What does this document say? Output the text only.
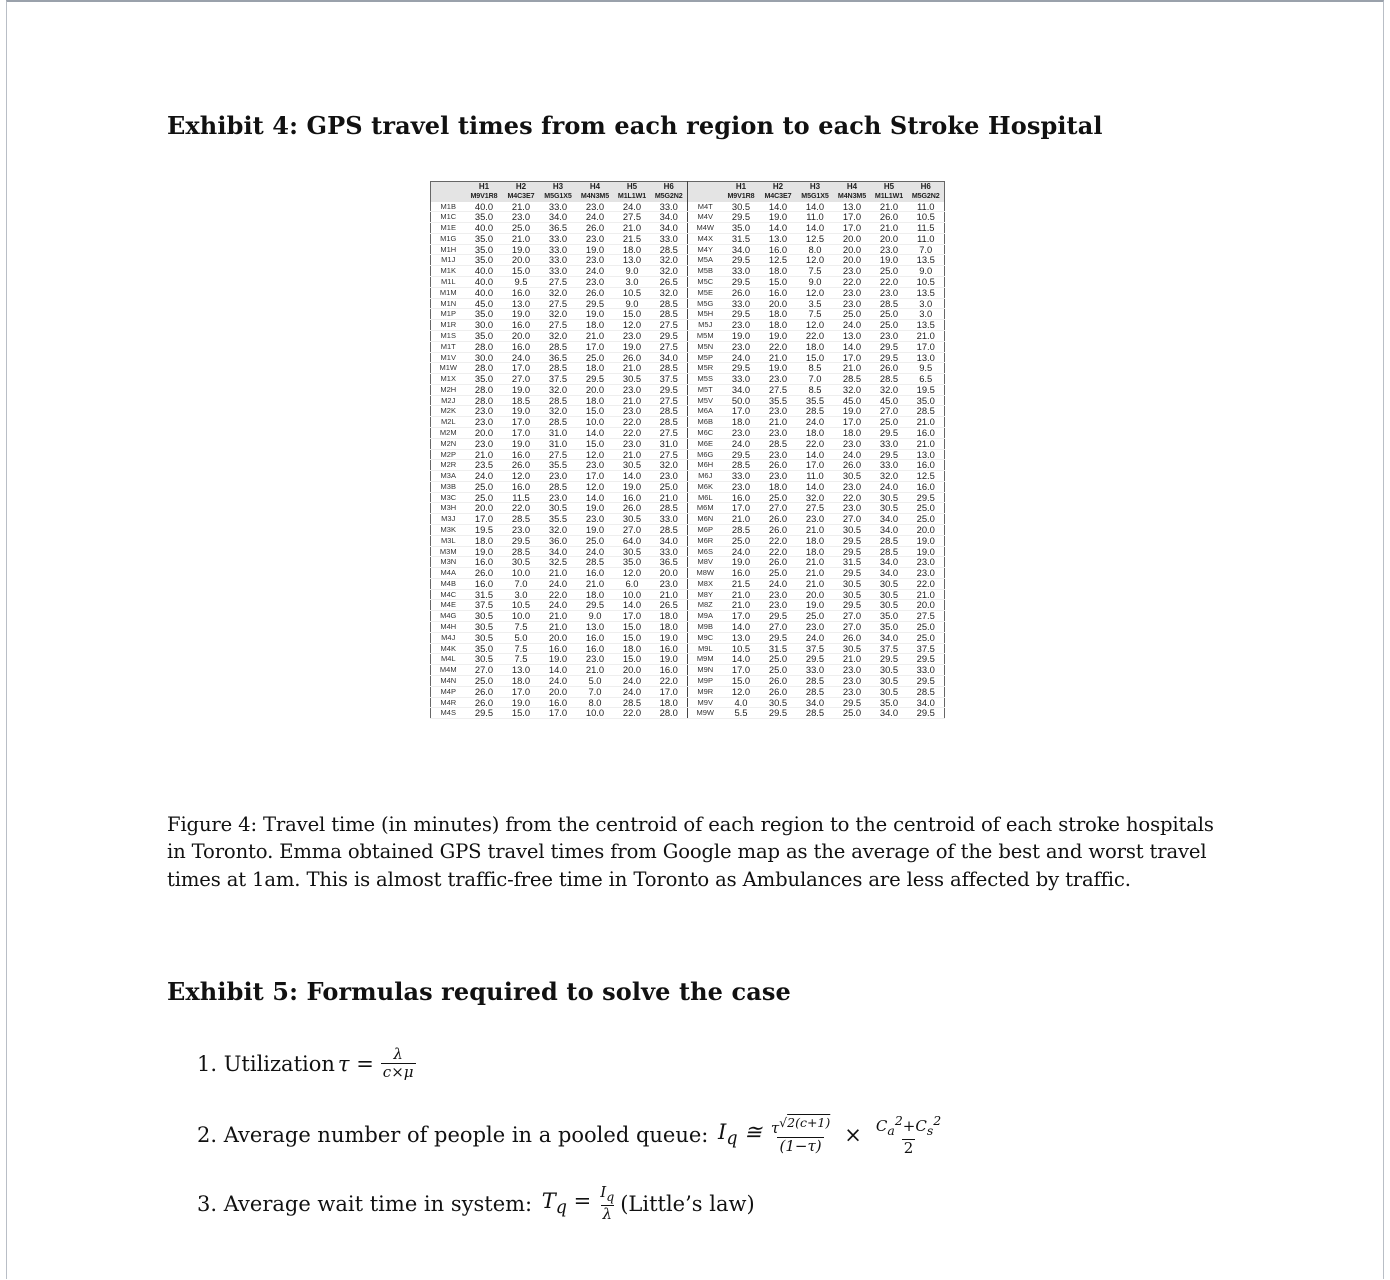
Exhibit 4: GPS travel times from each region to each Stroke Hospital
	H1	H2	H3	H4	H5	H6		H1	H2	H3	H4	H5	H6
	M9V1R8	M4C3E7	M5G1X5	M4N3M5	M1L1W1	M5G2N2		M9V1R8	M4C3E7	M5G1X5	M4N3M5	M1L1W1	M5G2N2
M1B	40.0	21.0	33.0	23.0	24.0	33.0	M4T	30.5	14.0	14.0	13.0	21.0	11.0
M1C	35.0	23.0	34.0	24.0	27.5	34.0	M4V	29.5	19.0	11.0	17.0	26.0	10.5
M1E	40.0	25.0	36.5	26.0	21.0	34.0	M4W	35.0	14.0	14.0	17.0	21.0	11.5
M1G	35.0	21.0	33.0	23.0	21.5	33.0	M4X	31.5	13.0	12.5	20.0	20.0	11.0
M1H	35.0	19.0	33.0	19.0	18.0	28.5	M4Y	34.0	16.0	8.0	20.0	23.0	7.0
M1J	35.0	20.0	33.0	23.0	13.0	32.0	M5A	29.5	12.5	12.0	20.0	19.0	13.5
M1K	40.0	15.0	33.0	24.0	9.0	32.0	M5B	33.0	18.0	7.5	23.0	25.0	9.0
M1L	40.0	9.5	27.5	23.0	3.0	26.5	M5C	29.5	15.0	9.0	22.0	22.0	10.5
M1M	40.0	16.0	32.0	26.0	10.5	32.0	M5E	26.0	16.0	12.0	23.0	23.0	13.5
M1N	45.0	13.0	27.5	29.5	9.0	28.5	M5G	33.0	20.0	3.5	23.0	28.5	3.0
M1P	35.0	19.0	32.0	19.0	15.0	28.5	M5H	29.5	18.0	7.5	25.0	25.0	3.0
M1R	30.0	16.0	27.5	18.0	12.0	27.5	M5J	23.0	18.0	12.0	24.0	25.0	13.5
M1S	35.0	20.0	32.0	21.0	23.0	29.5	M5M	19.0	19.0	22.0	13.0	23.0	21.0
M1T	28.0	16.0	28.5	17.0	19.0	27.5	M5N	23.0	22.0	18.0	14.0	29.5	17.0
M1V	30.0	24.0	36.5	25.0	26.0	34.0	M5P	24.0	21.0	15.0	17.0	29.5	13.0
M1W	28.0	17.0	28.5	18.0	21.0	28.5	M5R	29.5	19.0	8.5	21.0	26.0	9.5
M1X	35.0	27.0	37.5	29.5	30.5	37.5	M5S	33.0	23.0	7.0	28.5	28.5	6.5
M2H	28.0	19.0	32.0	20.0	23.0	29.5	M5T	34.0	27.5	8.5	32.0	32.0	19.5
M2J	28.0	18.5	28.5	18.0	21.0	27.5	M5V	50.0	35.5	35.5	45.0	45.0	35.0
M2K	23.0	19.0	32.0	15.0	23.0	28.5	M6A	17.0	23.0	28.5	19.0	27.0	28.5
M2L	23.0	17.0	28.5	10.0	22.0	28.5	M6B	18.0	21.0	24.0	17.0	25.0	21.0
M2M	20.0	17.0	31.0	14.0	22.0	27.5	M6C	23.0	23.0	18.0	18.0	29.5	16.0
M2N	23.0	19.0	31.0	15.0	23.0	31.0	M6E	24.0	28.5	22.0	23.0	33.0	21.0
M2P	21.0	16.0	27.5	12.0	21.0	27.5	M6G	29.5	23.0	14.0	24.0	29.5	13.0
M2R	23.5	26.0	35.5	23.0	30.5	32.0	M6H	28.5	26.0	17.0	26.0	33.0	16.0
M3A	24.0	12.0	23.0	17.0	14.0	23.0	M6J	33.0	23.0	11.0	30.5	32.0	12.5
M3B	25.0	16.0	28.5	12.0	19.0	25.0	M6K	23.0	18.0	14.0	23.0	24.0	16.0
M3C	25.0	11.5	23.0	14.0	16.0	21.0	M6L	16.0	25.0	32.0	22.0	30.5	29.5
M3H	20.0	22.0	30.5	19.0	26.0	28.5	M6M	17.0	27.0	27.5	23.0	30.5	25.0
M3J	17.0	28.5	35.5	23.0	30.5	33.0	M6N	21.0	26.0	23.0	27.0	34.0	25.0
M3K	19.5	23.0	32.0	19.0	27.0	28.5	M6P	28.5	26.0	21.0	30.5	34.0	20.0
M3L	18.0	29.5	36.0	25.0	64.0	34.0	M6R	25.0	22.0	18.0	29.5	28.5	19.0
M3M	19.0	28.5	34.0	24.0	30.5	33.0	M6S	24.0	22.0	18.0	29.5	28.5	19.0
M3N	16.0	30.5	32.5	28.5	35.0	36.5	M8V	19.0	26.0	21.0	31.5	34.0	23.0
M4A	26.0	10.0	21.0	16.0	12.0	20.0	M8W	16.0	25.0	21.0	29.5	34.0	23.0
M4B	16.0	7.0	24.0	21.0	6.0	23.0	M8X	21.5	24.0	21.0	30.5	30.5	22.0
M4C	31.5	3.0	22.0	18.0	10.0	21.0	M8Y	21.0	23.0	20.0	30.5	30.5	21.0
M4E	37.5	10.5	24.0	29.5	14.0	26.5	M8Z	21.0	23.0	19.0	29.5	30.5	20.0
M4G	30.5	10.0	21.0	9.0	17.0	18.0	M9A	17.0	29.5	25.0	27.0	35.0	27.5
M4H	30.5	7.5	21.0	13.0	15.0	18.0	M9B	14.0	27.0	23.0	27.0	35.0	25.0
M4J	30.5	5.0	20.0	16.0	15.0	19.0	M9C	13.0	29.5	24.0	26.0	34.0	25.0
M4K	35.0	7.5	16.0	16.0	18.0	16.0	M9L	10.5	31.5	37.5	30.5	37.5	37.5
M4L	30.5	7.5	19.0	23.0	15.0	19.0	M9M	14.0	25.0	29.5	21.0	29.5	29.5
M4M	27.0	13.0	14.0	21.0	20.0	16.0	M9N	17.0	25.0	33.0	23.0	30.5	33.0
M4N	25.0	18.0	24.0	5.0	24.0	22.0	M9P	15.0	26.0	28.5	23.0	30.5	29.5
M4P	26.0	17.0	20.0	7.0	24.0	17.0	M9R	12.0	26.0	28.5	23.0	30.5	28.5
M4R	26.0	19.0	16.0	8.0	28.5	18.0	M9V	4.0	30.5	34.0	29.5	35.0	34.0
M4S	29.5	15.0	17.0	10.0	22.0	28.0	M9W	5.5	29.5	28.5	25.0	34.0	29.5

Figure 4: Travel time (in minutes) from the centroid of each region to the centroid of each stroke hospitals in Toronto. Emma obtained GPS travel times from Google map as the average of the best and worst travel times at 1am. This is almost traffic-free time in Toronto as Ambulances are less affected by traffic.

Exhibit 5: Formulas required to solve the case
1. Utilization $\tau = \frac{\lambda}{c\times\mu}$
2. Average number of people in a pooled queue: $I_q$ ≅ $\frac{\tau^{√2(c+1)}}{(1-\tau)} \times \frac{C_a^2+C_s^2}{2}$
3. Average wait time in system: $T_q = \frac{I_q}{\lambda}$ (Little’s law)
